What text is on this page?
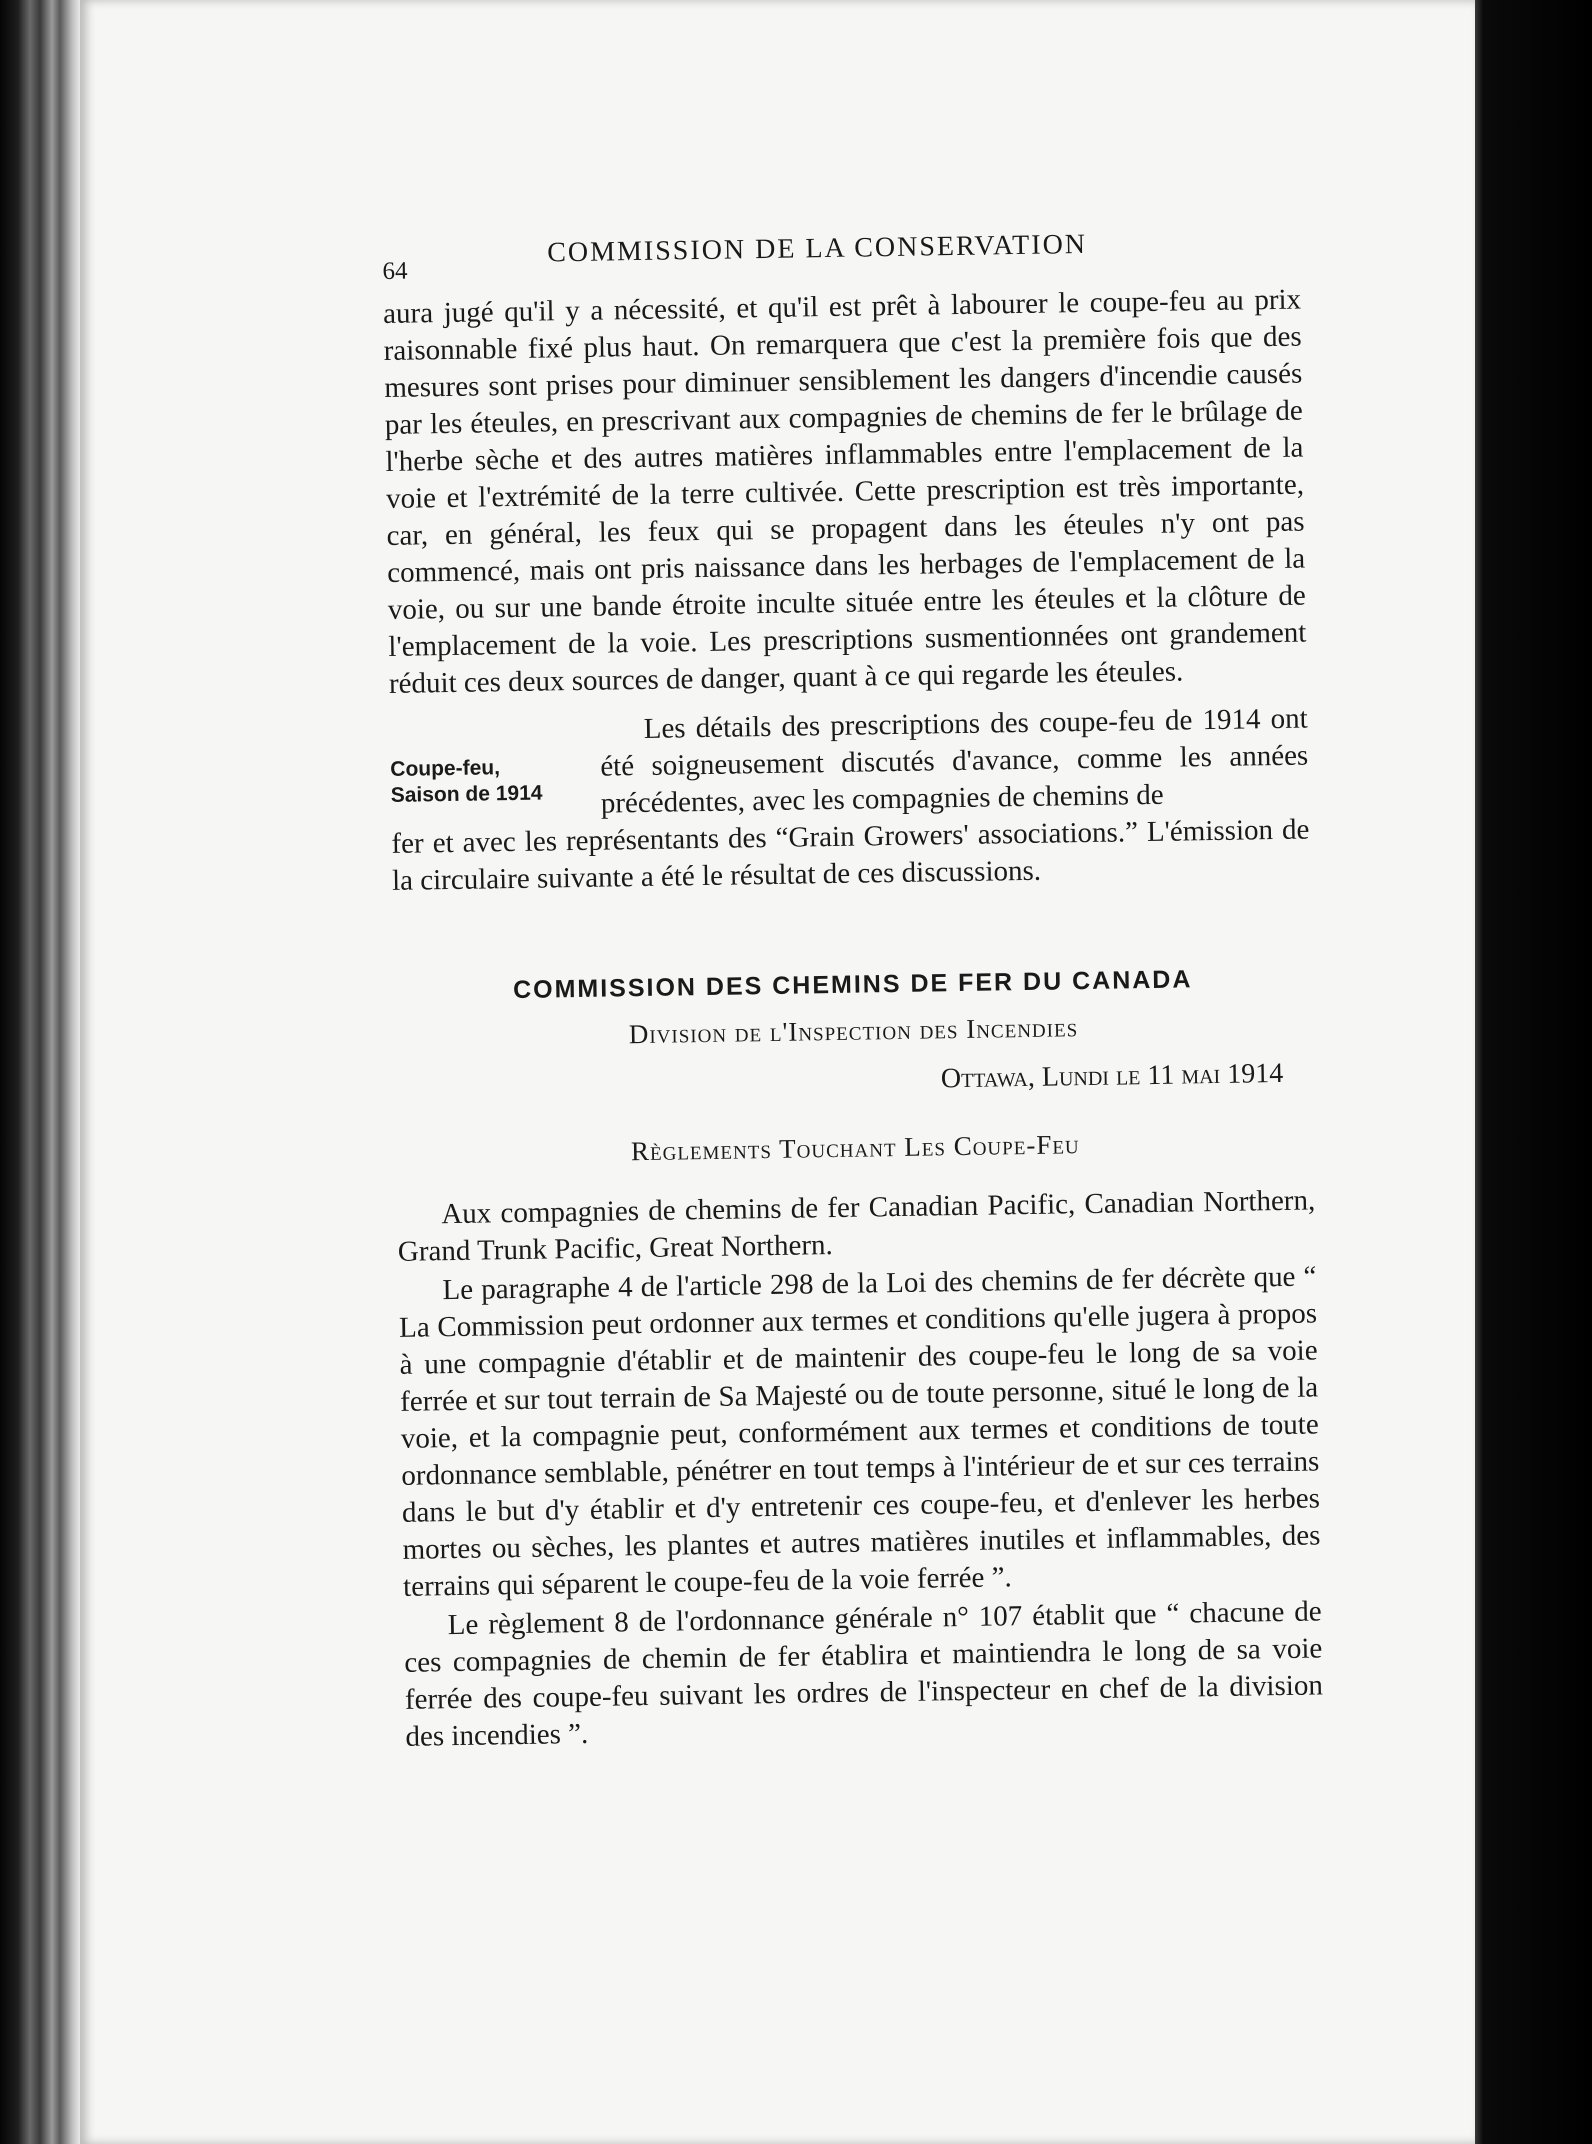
64
COMMISSION DE LA CONSERVATION

aura jugé qu'il y a nécessité, et qu'il est prêt à labourer le coupe-feu au prix raisonnable fixé plus haut. On remarquera que c'est la première fois que des mesures sont prises pour diminuer sensiblement les dangers d'incendie causés par les éteules, en prescrivant aux compagnies de chemins de fer le brûlage de l'herbe sèche et des autres matières inflammables entre l'emplacement de la voie et l'extrémité de la terre cultivée. Cette prescription est très importante, car, en général, les feux qui se propagent dans les éteules n'y ont pas commencé, mais ont pris naissance dans les herbages de l'emplacement de la voie, ou sur une bande étroite inculte située entre les éteules et la clôture de l'emplacement de la voie. Les prescriptions susmentionnées ont grandement réduit ces deux sources de danger, quant à ce qui regarde les éteules.

Coupe-feu,
Saison de 1914

Les détails des prescriptions des coupe-feu de 1914 ont été soigneusement discutés d'avance, comme les années précédentes, avec les compagnies de chemins de

fer et avec les représentants des “Grain Growers' associations.” L'émission de la circulaire suivante a été le résultat de ces discussions.

COMMISSION DES CHEMINS DE FER DU CANADA
Division de l'Inspection des Incendies
Ottawa, Lundi le 11 mai 1914
Règlements Touchant Les Coupe-Feu

Aux compagnies de chemins de fer Canadian Pacific, Canadian Northern, Grand Trunk Pacific, Great Northern.

Le paragraphe 4 de l'article 298 de la Loi des chemins de fer décrète que “ La Commission peut ordonner aux termes et conditions qu'elle jugera à propos à une compagnie d'établir et de maintenir des coupe-feu le long de sa voie ferrée et sur tout terrain de Sa Majesté ou de toute personne, situé le long de la voie, et la compagnie peut, conformément aux termes et conditions de toute ordonnance semblable, pénétrer en tout temps à l'intérieur de et sur ces terrains dans le but d'y établir et d'y entretenir ces coupe-feu, et d'enlever les herbes mortes ou sèches, les plantes et autres matières inutiles et inflammables, des terrains qui séparent le coupe-feu de la voie ferrée ”.

Le règlement 8 de l'ordonnance générale n° 107 établit que “ chacune de ces compagnies de chemin de fer établira et maintiendra le long de sa voie ferrée des coupe-feu suivant les ordres de l'inspecteur en chef de la division des incendies ”.
